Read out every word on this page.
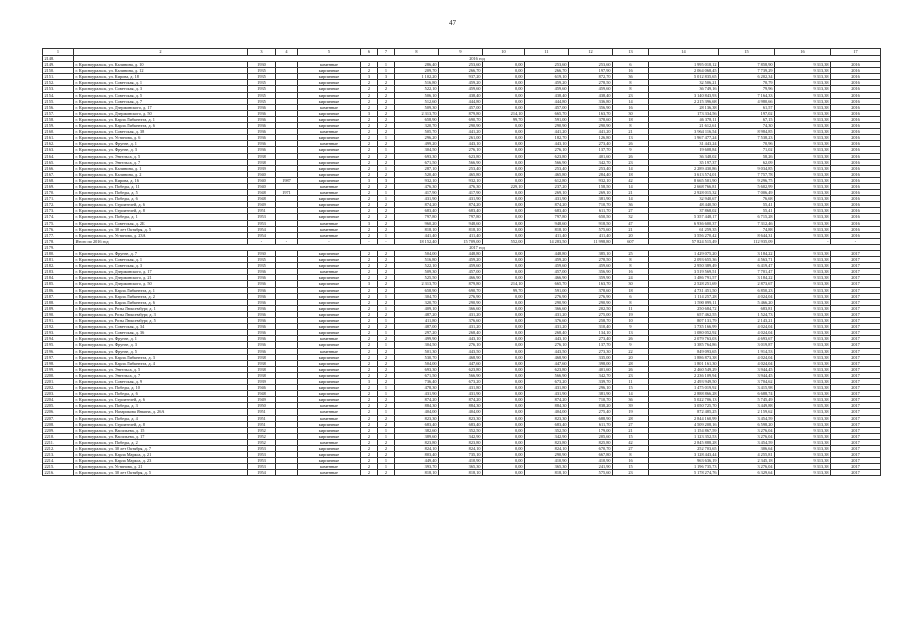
47
1	2	3	4	5	6	7	8	9	10	11	12	13	14	15	16	17
2148.	2016 год															
2149.	г. Красноуральск, ул. Калинина, д. 10	1930		каменные	2	1	286,40	253,60	0,00	253,60	253,60	6	1 995 018,12	7 858,90	9 313,38	2016
2150.	г. Красноуральск, ул. Калинина, д. 12	1935		кирпичные	2	1	209,70	266,70	0,00	266,70	197,90	16	2 064 068,45	7 739,29	9 313,38	2016
2151.	г. Красноуральск, ул. Кирова, д. 18	1935		кирпичные	3	3	1 102,20	937,20	0,00	619,10	872,70	36	5 012 835,65	6 202,34	9 313,38	2016
2152.	г. Красноуральск, ул. Советская, д. 1	1935		кирпичные	2	2	516,80	459,20	0,00	459,20	278,50	8	32 506,21	70,79	9 313,38	2016
2153.	г. Красноуральск, ул. Советская, д. 3	1935		кирпичные	2	2	522,10	459,60	0,00	459,60	459,60	8	36 749,16	79,96	9 313,38	2016
2154.	г. Красноуральск, ул. Советская, д. 5	1935		кирпичные	2	2	506,10	438,40	0,00	438,40	438,40	23	3 140 843,93	7 164,33	9 313,38	2016
2155.	г. Красноуральск, ул. Советская, д. 7	1935		кирпичные	2	2	512,60	444,80	0,00	444,80	336,80	14	2 215 396,68	4 980,66	9 313,38	2016
2156.	г. Красноуральск, ул. Дзержинского, д. 17	1936		каменные	2	2	509,30	457,00	0,00	457,00	356,90	16	28 136,38	61,57	9 313,38	2016
2157.	г. Красноуральск, ул. Дзержинского, д. 50	1936		кирпичные	3	2	2 313,70	879,80	214,10	665,70	163,70	30	173 334,56	197,02	9 313,38	2016
2158.	г. Красноуральск, ул. Карла Либкнехта, д. 1	1936		кирпичные	2	2	658,90	690,70	99,70	591,00	378,60	18	46 378,11	67,15	9 313,38	2016
2159.	г. Красноуральск, ул. Карла Либкнехта, д. 6	1936		кирпичные	2	2	320,70	290,90	0,00	290,90	290,90	8	21 612,61	74,30	9 313,38	2016
2160.	г. Красноуральск, ул. Советская, д. 38	1936		каменные	2	2	505,70	441,20	0,00	441,20	441,20	21	3 964 116,54	8 984,85	9 313,38	2016
2161.	г. Красноуральск, ул. Устинова, д. 6	1936		кирпичные	2	1	296,20	261,00	0,00	182,70	126,80	13	1 967 477,24	7 538,23	9 313,38	2016
2162.	г. Красноуральск, ул. Фрунзе, д. 1	1936		каменные	2	2	499,20	443,10	0,00	443,10	273,40	26	31 443,24	70,96	9 313,38	2016
2163.	г. Красноуральск, ул. Фрунзе, д. 3	1936		кирпичные	2	1	304,50	276,10	0,00	276,10	137,70	9	19 608,84	71,02	9 313,38	2016
2164.	г. Красноуральск, ул. Энгельса, д. 5	1938		кирпичные	2	2	693,30	623,80	0,00	623,80	401,60	26	36 348,02	58,26	9 313,38	2016
2165.	г. Красноуральск, ул. Энгельса, д. 7	1938		кирпичные	2	2	671,50	566,90	0,00	566,90	342,70	23	35 197,37	62,09	9 313,38	2016
2166.	г. Красноуральск, ул. Калинина, д. 1	1939		кирпичные	2	1	287,10	253,40	0,00	253,40	253,40	14	2 289 430,86	9 034,85	9 313,38	2016
2167.	г. Красноуральск, ул. Калинина, д. 2	1940		кирпичные	2	2	520,40	465,80	0,00	465,80	284,40	18	3 613 574,01	7 757,78	9 313,38	2016
2168.	г. Красноуральск, ул. Кирова, д. 16	1940	1987	кирпичные	3	3	932,10	932,10	0,00	612,80	932,10	42	8 665 501,90	9 296,75	9 313,38	2016
2169.	г. Красноуральск, ул. Победы, д. 11	1940		каменные	2	2	476,30	476,30	229,10	237,20	158,50	14	2 668 766,81	5 602,99	9 313,38	2016
2170.	г. Красноуральск, ул. Победы, д. 5	1948	1971	каменные	2	1	417,90	417,90	0,00	269,10	269,10	21	2 928 015,32	7 006,49	9 313,38	2016
2171.	г. Красноуральск, ул. Победы, д. 6	1948		кирпичные	2	1	431,90	431,90	0,00	431,90	381,90	14	32 940,67	76,68	9 313,38	2016
2172.	г. Красноуральск, ул. Строителей, д. 6	1949		кирпичные	2	2	874,20	874,20	0,00	874,20	710,70	36	48 440,50	55,41	9 313,38	2016
2173.	г. Красноуральск, ул. Строителей, д. 8	1951		кирпичные	2	2	683,40	683,40	0,00	683,40	611,70	27	37 868,02	55,41	9 313,38	2016
2174.	г. Красноуральск, ул. Победы, д. 1	1953		кирпичные	2	2	797,80	797,80	0,00	797,80	650,50	32	5 357 448,17	6 715,28	9 313,38	2016
2175.	г. Красноуральск, ул. Советская, д. 2Б	1953		каменные	3	2	960,20	948,60	0,00	948,60	918,50	47	6 936 600,37	7 312,46	9 313,38	2016
2176.	г. Красноуральск, ул. 30 лет Октября, д. 5	1954		каменные	2	2	818,10	818,10	0,00	818,10	575,60	21	61 259,35	74,88	9 313,38	2016
2177.	г. Красноуральск, ул. Устинова, д. 23А	1954		каменные	2	1	441,40	411,40	0,00	411,40	411,40	20	3 556 270,42	8 644,31	9 313,38	2016
2178.	Итого по 2016 год	-	-	-	-	-	18 152,40	15 709,00	552,00	14 283,50	11 998,80	607	57 824 515,49	112 935,09	-	-
2179.	2017 год															
2180.	г. Красноуральск, ул. Фрунзе, д. 7	1930		кирпичные	2	2	504,00	448,80	0,00	448,80	385,10	25	1 429 075,20	3 184,22	9 313,38	2017
2181.	г. Красноуральск, ул. Советская, д. 1	1935		кирпичные	2	2	516,80	459,20	0,00	459,20	278,50	8	2 093 655,36	4 563,71	9 313,38	2017
2182.	г. Красноуральск, ул. Советская, д. 3	1935		кирпичные	2	2	522,10	459,60	0,00	459,60	459,60	8	2 950 389,49	6 419,47	9 313,38	2017
2183.	г. Красноуральск, ул. Дзержинского, д. 17	1936		каменные	2	2	509,30	457,00	0,00	457,00	356,90	16	3 519 569,51	7 701,47	9 313,38	2017
2184.	г. Красноуральск, ул. Дзержинского, д. 21	1936		кирпичные	2	2	525,50	466,90	0,00	466,90	359,90	24	1 486 791,57	3 184,22	9 313,38	2017
2185.	г. Красноуральск, ул. Дзержинского, д. 50	1936		кирпичные	3	2	2 313,70	879,80	214,10	665,70	163,70	30	2 528 251,69	2 873,67	9 313,38	2017
2186.	г. Красноуральск, ул. Карла Либкнехта, д. 1	1936		кирпичные	2	2	658,90	690,70	99,70	591,00	378,60	18	4 731 451,50	6 850,23	9 313,38	2017
2187.	г. Красноуральск, ул. Карла Либкнехта, д. 2	1936		кирпичные	2	1	304,70	276,90	0,00	276,90	276,90	6	1 114 257,28	4 024,04	9 313,38	2017
2188.	г. Красноуральск, ул. Карла Либкнехта, д. 6	1936		кирпичные	2	2	320,70	290,90	0,00	290,90	290,90	8	1 590 099,11	5 466,20	9 313,38	2017
2189.	г. Красноуральск, ул. Розы Люксембург, д. 1	1936		кирпичные	2	1	409,10	366,60	0,00	366,60	202,50	11	250 684,72	683,81	9 313,38	2017
2190.	г. Красноуральск, ул. Розы Люксембург, д. 3	1936		кирпичные	2	2	487,20	431,20	0,00	431,20	275,00	19	657 462,55	1 524,73	9 313,38	2017
2191.	г. Красноуральск, ул. Розы Люксембург, д. 5	1936		кирпичные	2	1	411,80	376,60	0,00	376,60	258,70	10	807 131,79	2 143,21	9 313,38	2017
2192.	г. Красноуральск, ул. Советская, д. 34	1936		кирпичные	2	2	487,00	431,20	0,00	431,20	310,40	9	1 735 166,99	4 024,04	9 313,38	2017
2193.	г. Красноуральск, ул. Советская, д. 36	1936		кирпичные	2	1	297,20	268,40	0,00	268,40	134,10	13	1 080 052,92	4 024,04	9 313,38	2017
2194.	г. Красноуральск, ул. Фрунзе, д. 1	1936		каменные	2	2	499,90	443,10	0,00	443,10	273,40	26	2 079 763,03	4 693,67	9 313,38	2017
2195.	г. Красноуральск, ул. Фрунзе, д. 3	1936		кирпичные	2	1	304,50	276,10	0,00	276,10	137,70	9	3 385 764,86	3 019,87	9 313,38	2017
2196.	г. Красноуральск, ул. Фрунзе, д. 5	1936		каменные	2	2	501,30	443,50	0,00	443,50	273,30	22	849 093,65	1 914,53	9 313,38	2017
2197.	г. Красноуральск, ул. Карла Либкнехта, д. 3	1938		кирпичные	2	2	530,70	468,90	0,00	468,90	335,00	20	1 886 873,38	4 024,04	9 313,38	2017
2198.	г. Красноуральск, ул. Карла Либкнехта, д. 4	1938		кирпичные	2	2	504,00	447,60	0,00	447,60	398,00	28	1 801 161,30	4 024,04	9 313,38	2017
2199.	г. Красноуральск, ул. Энгельса, д. 5	1938		кирпичные	2	2	693,30	623,80	0,00	623,80	401,60	26	2 460 549,29	3 944,45	9 313,38	2017
2200.	г. Красноуральск, ул. Энгельса, д. 7	1938		кирпичные	2	2	671,50	566,90	0,00	566,90	342,70	23	2 236 109,94	3 944,45	9 313,38	2017
2201.	г. Красноуральск, ул. Советская, д. 9	1939		кирпичные	3	2	736,40	673,20	0,00	673,20	339,70	11	2 493 949,50	3 704,62	9 313,38	2017
2202.	г. Красноуральск, ул. Победы, д. 10	1946		кирпичные	2	1	478,30	431,80	0,00	431,80	296,10	15	1 475 019,92	3 415,98	9 313,38	2017
2203.	г. Красноуральск, ул. Победы, д. 6	1948		кирпичные	2	1	431,90	431,90	0,00	431,90	381,90	14	2 888 866,28	6 688,74	9 313,38	2017
2204.	г. Красноуральск, ул. Строителей, д. 6	1949		кирпичные	2	2	874,20	874,20	0,00	874,20	710,70	36	5 022 706,13	5 745,49	9 313,38	2017
2205.	г. Красноуральск, ул. Победы, д. 3	1950		каменные	2	2	884,30	884,30	0,00	884,30	838,20	39	3 050 725,70	3 449,88	9 315,38	2017
2206.	г. Красноуральск, ул. Назарикова Янкина, д. 26А	1951		каменные	2	1	404,00	404,00	0,00	404,00	275,40	19	872 485,25	2 159,62	9 313,38	2017
2207.	г. Красноуральск, ул. Победы, д. 4	1951		каменные	2	2	823,30	823,30	0,00	823,30	688,90	28	2 844 160,99	3 454,59	9 313,38	2017
2208.	г. Красноуральск, ул. Строителей, д. 8	1951		кирпичные	2	2	683,40	683,40	0,00	683,40	611,70	27	4 509 208,16	6 598,20	9 313,38	2017
2209.	г. Красноуральск, ул. Васильева, д. 15	1952		кирпичные	2	1	382,60	352,50	0,00	352,50	179,00	21	1 154 867,59	3 276,04	9 313,38	2017
2210.	г. Красноуральск, ул. Васильева, д. 17	1952		кирпичные	2	1	389,60	342,90	0,00	342,90	205,60	15	1 123 352,53	3 276,04	9 315,38	2017
2211.	г. Красноуральск, ул. Победы, д. 2	1952		каменные	2	2	823,80	823,80	0,00	823,80	825,80	42	2 845 888,28	3 454,59	9 313,38	2017
2212.	г. Красноуральск, ул. 30 лет Октября, д. 7	1953		кирпичные	2	2	824,10	824,10	0,00	824,10	670,70	27	252 703,65	306,64	9 313,38	2017
2213.	г. Красноуральск, ул. Карла Маркса, д. 21	1953		кирпичные	2	2	803,40	735,10	0,00	290,90	667,80	8	3 128 443,44	4 255,81	9 313,38	2017
2214.	г. Красноуральск, ул. Карла Маркса, д. 23	1953		кирпичные	2	1	449,40	410,90	0,00	410,90	410,90	16	963 636,19	2 345,18	9 313,38	2017
2215.	г. Красноуральск, ул. Устинова, д. 21	1953		каменные	2	1	393,70	365,30	0,00	365,30	241,90	15	1 196 735,73	3 276,04	9 313,38	2017
2216.	г. Красноуральск, ул. 30 лет Октября, д. 5	1954		каменные	2	2	818,10	818,10	0,00	818,10	575,60	23	5 178 274,76	6 329,64	9 313,38	2017
